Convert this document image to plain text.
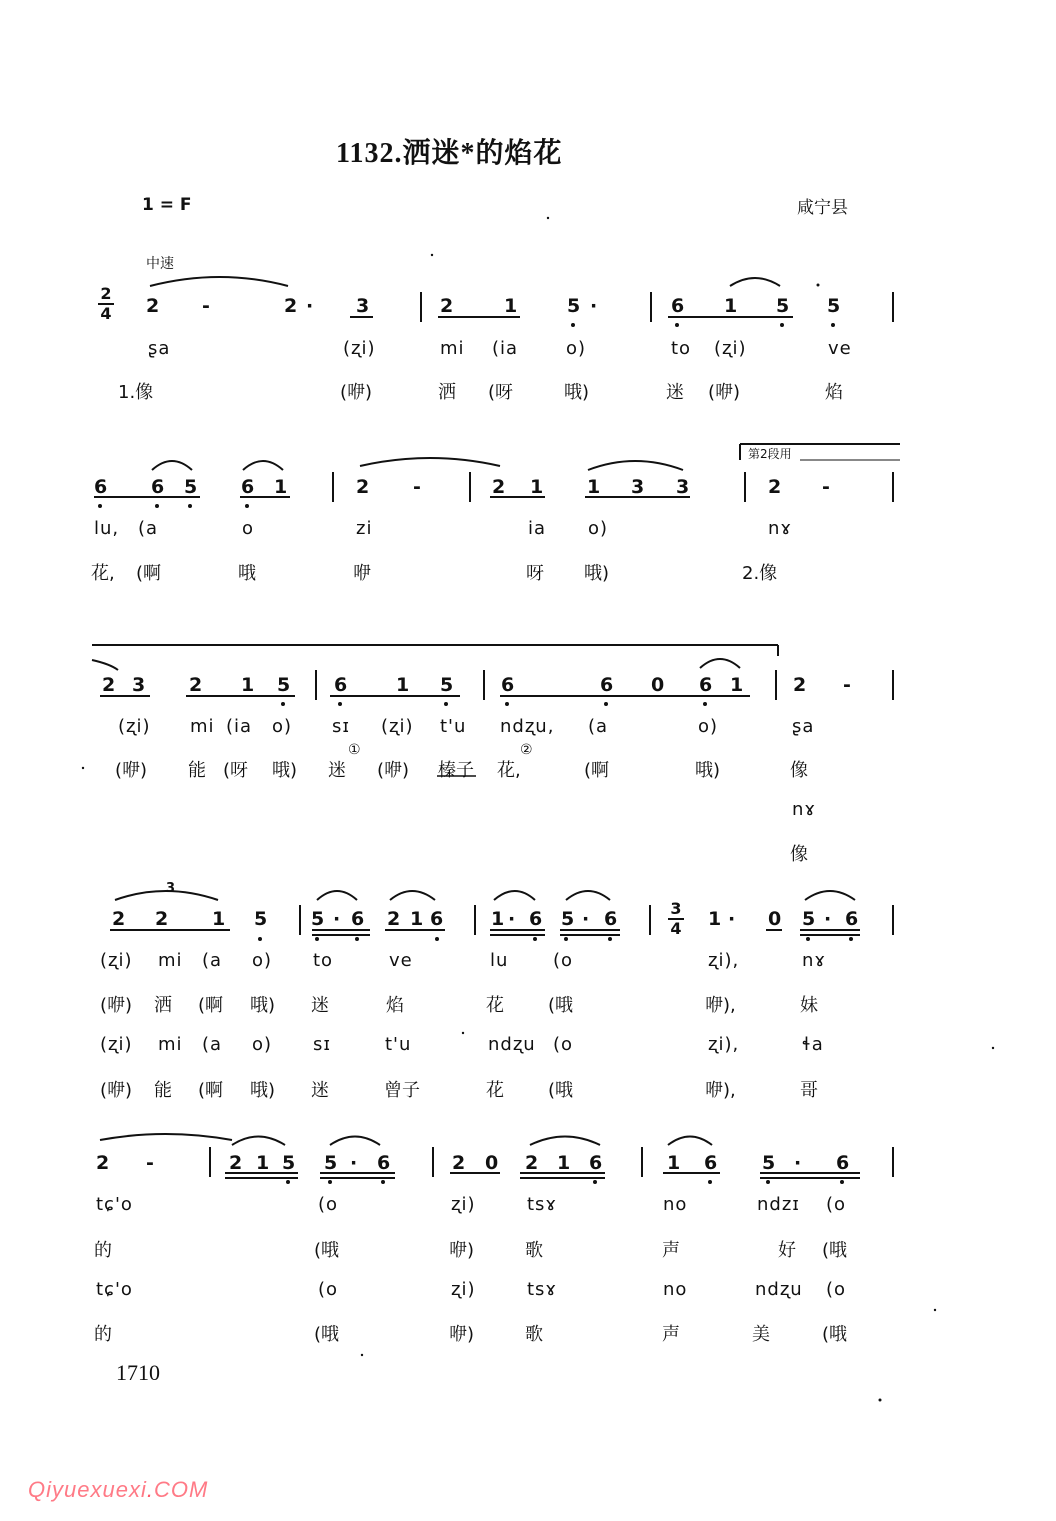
1132.洒迷*的焰花
1 = F	咸宁县
中速
2
4
3
4
2 -	2 · 3	2	1	5 ·	6 1 5 5
ʂa	(ʐi)	mi (ia	o)	to (ʐi)	ve
1.像	(咿)	洒 (呀	哦)	迷 (咿)	焰
第2段用
6 6 5 6 1	2 -	2 1 1 3 3	2 -
lu, (a	o	zi	ia o)	nɤ
花, (啊	哦	咿	呀 哦)	2.像
2 3 2 1 5 6	1 5	6	6 0 6 1	2 -
(ʐi) mi (ia o) sɪ (ʐi) t'u ndʐu, (a	o)	ʂa
nɤ
(咿) 能 (呀 哦) 迷
①
(咿) 榛子 花,
②
(啊	哦)	像
像
3
2 2 1 5 5 · 6 2 1 6	1 · 6 5 · 6	1 · 0 5 · 6
(ʐi) mi (a o) to	ve	lu (o	ʐi),	nɤ
(咿) 洒 (啊 哦) 迷	焰	花 (哦	咿),	妹
(ʐi) mi (a o) sɪ	t'u	ndʐu (o	ʐi),	ɬa
(咿) 能 (啊 哦) 迷	曾子	花 (哦	咿),	哥
2 -	2 1 5 5 · 6	2 0 2 1 6	1 6 5 · 6
tɕ'o	(o	ʐi)	tsɤ	no	ndzɪ (o
的	(哦	咿)	歌	声	好 (哦
tɕ'o	(o	ʐi)	tsɤ	no	ndʐu (o
的	(哦	咿)	歌	声	美	(哦
1710
Qiyuexuexi.COM
